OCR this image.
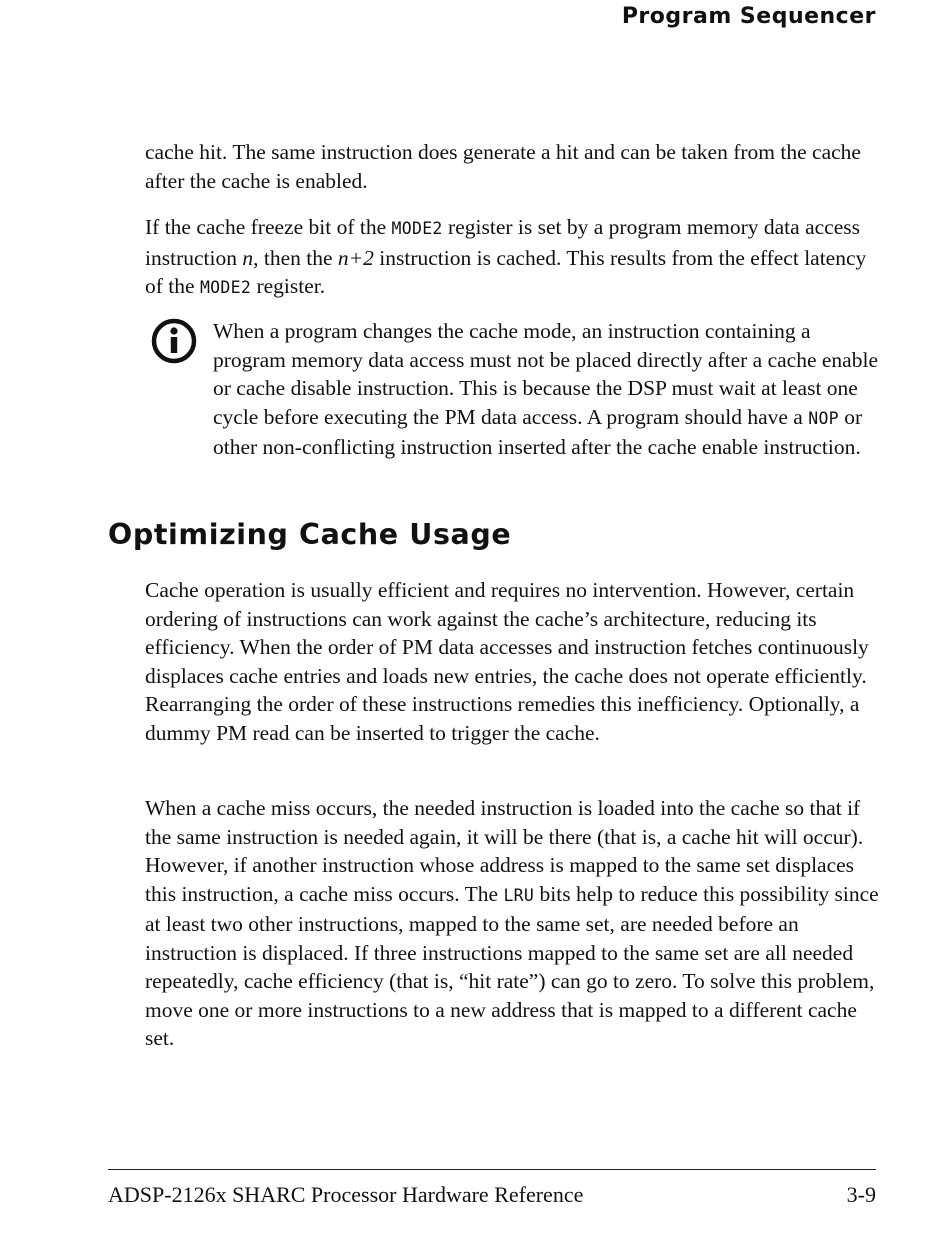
Program Sequencer

cache hit. The same instruction does generate a hit and can be taken from the cache after the cache is enabled.

If the cache freeze bit of the MODE2 register is set by a program memory data access instruction n, then the n+2 instruction is cached. This results from the effect latency of the MODE2 register.

When a program changes the cache mode, an instruction containing a program memory data access must not be placed directly after a cache enable or cache disable instruction. This is because the DSP must wait at least one cycle before executing the PM data access. A program should have a NOP or other non-conflicting instruction inserted after the cache enable instruction.

Optimizing Cache Usage

Cache operation is usually efficient and requires no intervention. However, certain ordering of instructions can work against the cache’s architecture, reducing its efficiency. When the order of PM data accesses and instruction fetches continuously displaces cache entries and loads new entries, the cache does not operate efficiently. Rearranging the order of these instructions remedies this inefficiency. Optionally, a dummy PM read can be inserted to trigger the cache.

When a cache miss occurs, the needed instruction is loaded into the cache so that if the same instruction is needed again, it will be there (that is, a cache hit will occur). However, if another instruction whose address is mapped to the same set displaces this instruction, a cache miss occurs. The LRU bits help to reduce this possibility since at least two other instructions, mapped to the same set, are needed before an instruction is displaced. If three instructions mapped to the same set are all needed repeatedly, cache efficiency (that is, “hit rate”) can go to zero. To solve this problem, move one or more instructions to a new address that is mapped to a different cache set.

ADSP-2126x SHARC Processor Hardware Reference	3-9
